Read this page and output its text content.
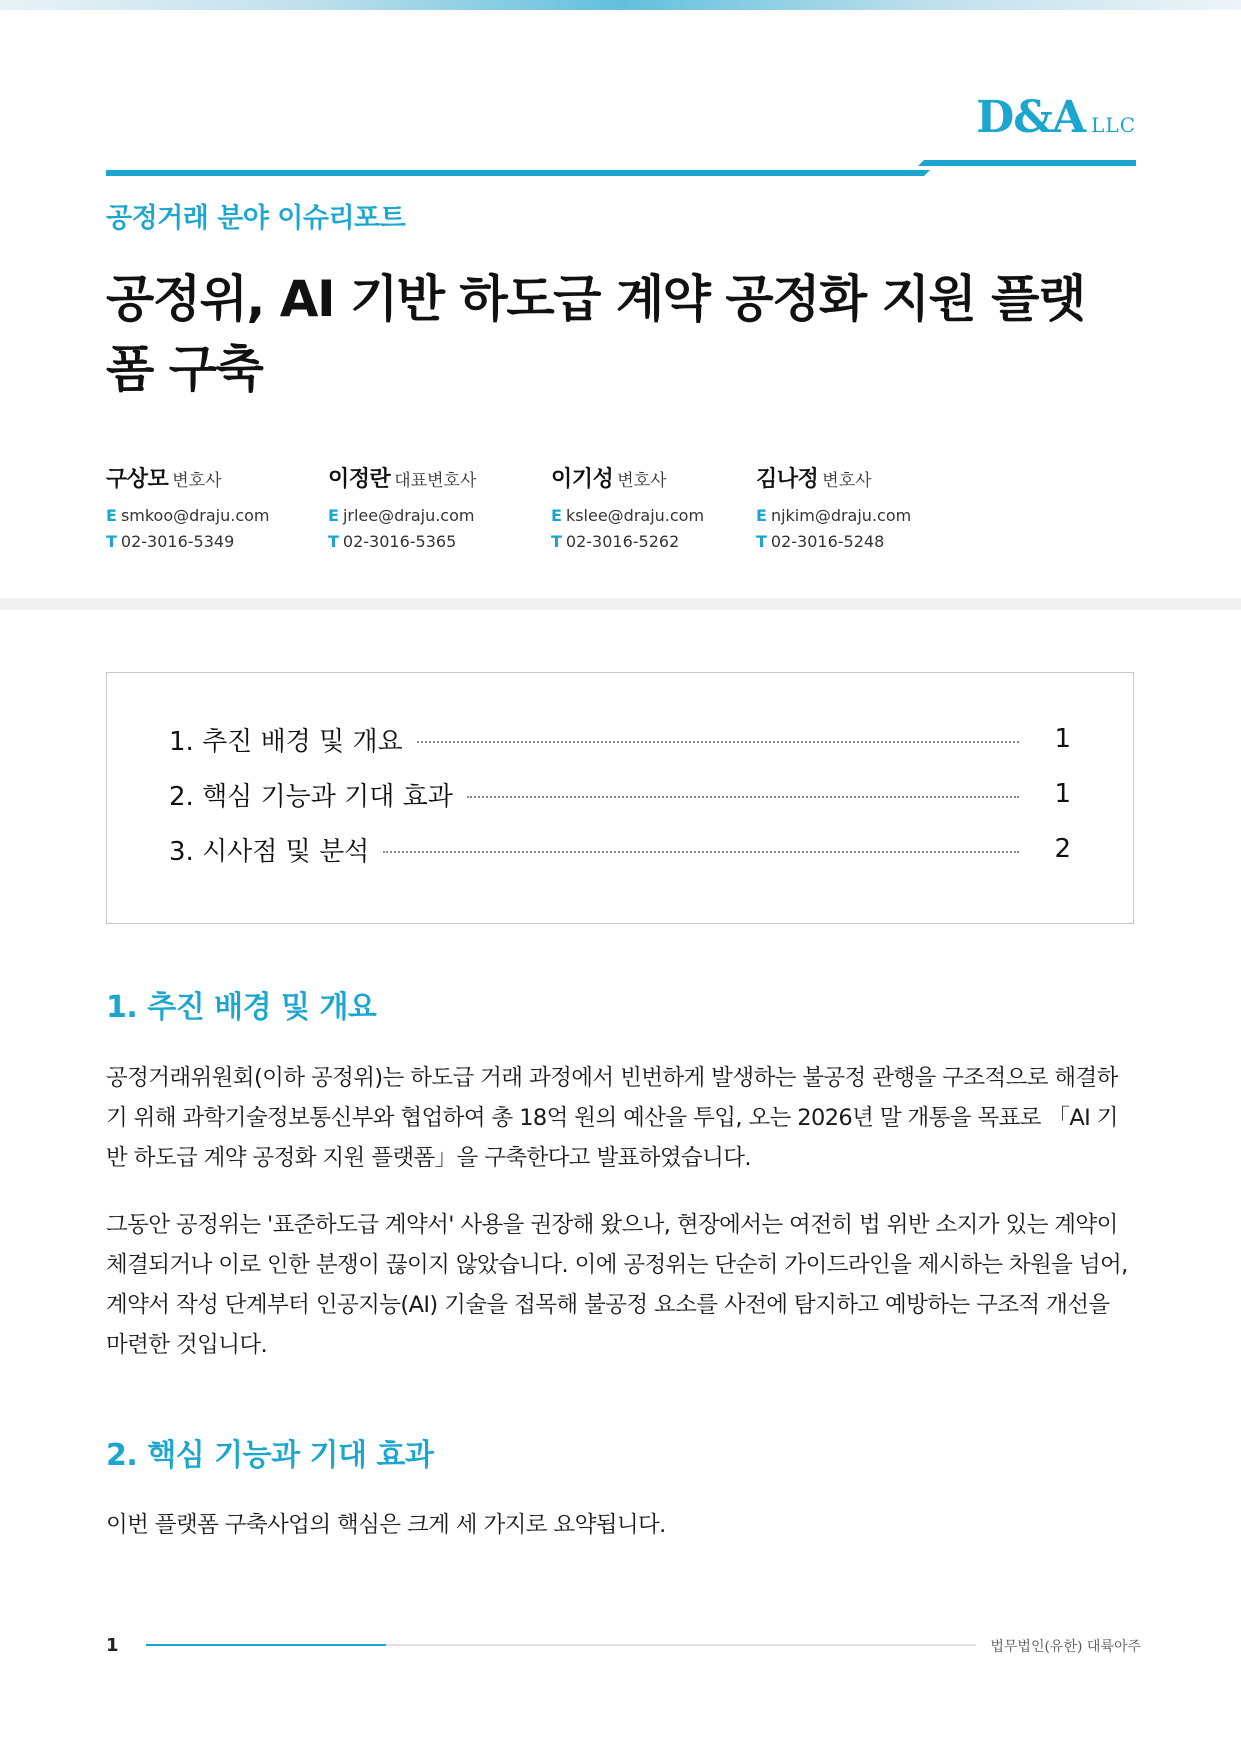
D&A LLC

공정거래 분야 이슈리포트

공정위, AI 기반 하도급 계약 공정화 지원 플랫폼 구축
구상모 변호사
E smkoo@draju.com
T 02-3016-5349
이정란 대표변호사
E jrlee@draju.com
T 02-3016-5365
이기성 변호사
E kslee@draju.com
T 02-3016-5262
김나정 변호사
E njkim@draju.com
T 02-3016-5248
1. 추진 배경 및 개요	1
2. 핵심 기능과 기대 효과	1
3. 시사점 및 분석	2
1. 추진 배경 및 개요

공정거래위원회(이하 공정위)는 하도급 거래 과정에서 빈번하게 발생하는 불공정 관행을 구조적으로 해결하기 위해 과학기술정보통신부와 협업하여 총 18억 원의 예산을 투입, 오는 2026년 말 개통을 목표로 「AI 기반 하도급 계약 공정화 지원 플랫폼」을 구축한다고 발표하였습니다.

그동안 공정위는 '표준하도급 계약서' 사용을 권장해 왔으나, 현장에서는 여전히 법 위반 소지가 있는 계약이 체결되거나 이로 인한 분쟁이 끊이지 않았습니다. 이에 공정위는 단순히 가이드라인을 제시하는 차원을 넘어, 계약서 작성 단계부터 인공지능(AI) 기술을 접목해 불공정 요소를 사전에 탐지하고 예방하는 구조적 개선을 마련한 것입니다.

2. 핵심 기능과 기대 효과

이번 플랫폼 구축사업의 핵심은 크게 세 가지로 요약됩니다.

1	법무법인(유한) 대륙아주
